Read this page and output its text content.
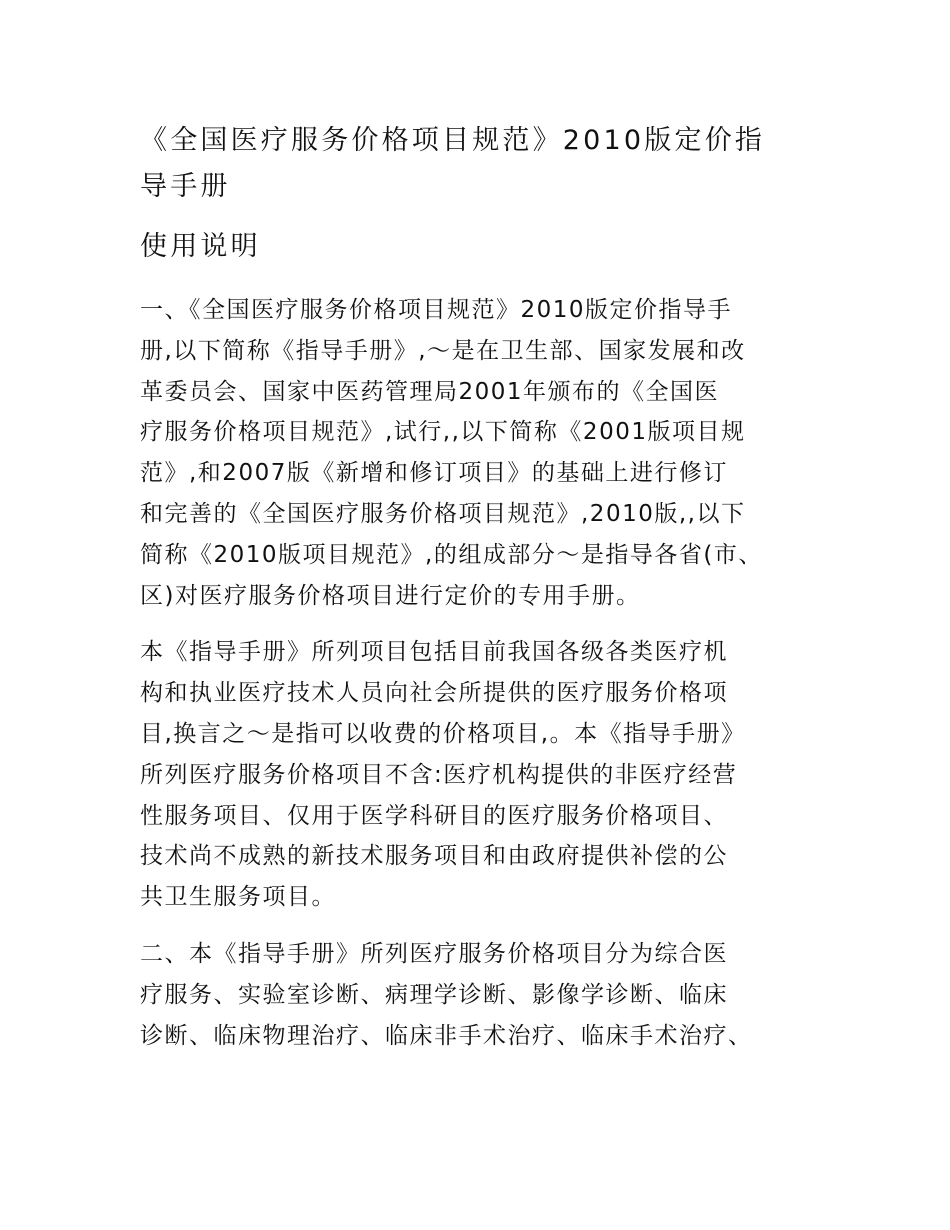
《全国医疗服务价格项目规范》2010版定价指
导手册
使用说明

一、《全国医疗服务价格项目规范》2010版定价指导手
册,以下简称《指导手册》,～是在卫生部、国家发展和改
革委员会、国家中医药管理局2001年颁布的《全国医
疗服务价格项目规范》,试行,,以下简称《2001版项目规
范》,和2007版《新增和修订项目》的基础上进行修订
和完善的《全国医疗服务价格项目规范》,2010版,,以下
简称《2010版项目规范》,的组成部分～是指导各省(市、
区)对医疗服务价格项目进行定价的专用手册。

本《指导手册》所列项目包括目前我国各级各类医疗机
构和执业医疗技术人员向社会所提供的医疗服务价格项
目,换言之～是指可以收费的价格项目,。本《指导手册》
所列医疗服务价格项目不含:医疗机构提供的非医疗经营
性服务项目、仅用于医学科研目的医疗服务价格项目、
技术尚不成熟的新技术服务项目和由政府提供补偿的公
共卫生服务项目。

二、本《指导手册》所列医疗服务价格项目分为综合医
疗服务、实验室诊断、病理学诊断、影像学诊断、临床
诊断、临床物理治疗、临床非手术治疗、临床手术治疗、
